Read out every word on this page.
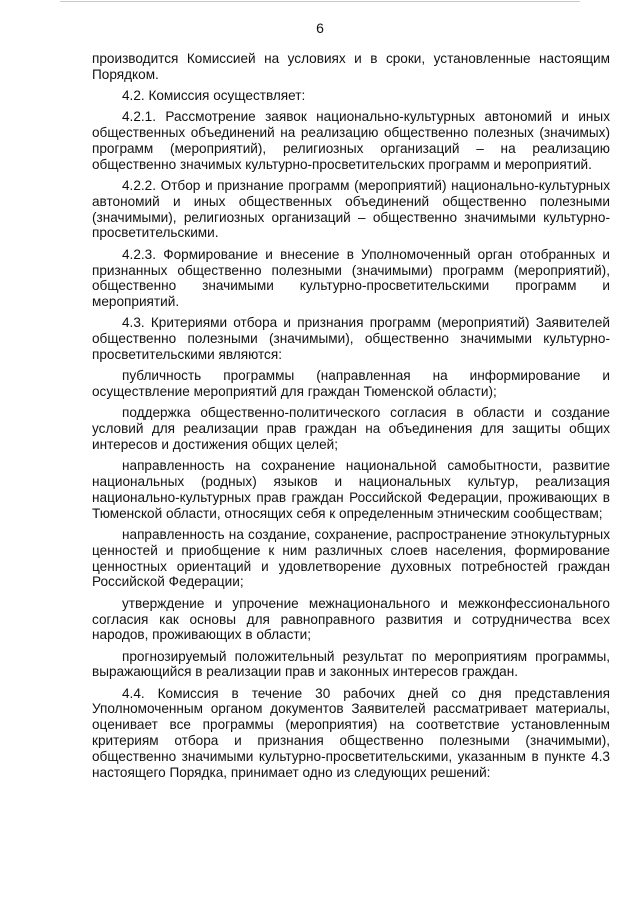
6

производится Комиссией на условиях и в сроки, установленные настоящим Порядком.

4.2. Комиссия осуществляет:

4.2.1. Рассмотрение заявок национально-культурных автономий и иных общественных объединений на реализацию общественно полезных (значимых) программ (мероприятий), религиозных организаций – на реализацию общественно значимых культурно-просветительских программ и мероприятий.

4.2.2. Отбор и признание программ (мероприятий) национально-культурных автономий и иных общественных объединений общественно полезными (значимыми), религиозных организаций – общественно значимыми культурно-просветительскими.

4.2.3. Формирование и внесение в Уполномоченный орган отобранных и признанных общественно полезными (значимыми) программ (мероприятий), общественно значимыми культурно-просветительскими программ и мероприятий.

4.3. Критериями отбора и признания программ (мероприятий) Заявителей общественно полезными (значимыми), общественно значимыми культурно-просветительскими являются:

публичность программы (направленная на информирование и осуществление мероприятий для граждан Тюменской области);

поддержка общественно-политического согласия в области и создание условий для реализации прав граждан на объединения для защиты общих интересов и достижения общих целей;

направленность на сохранение национальной самобытности, развитие национальных (родных) языков и национальных культур, реализация национально-культурных прав граждан Российской Федерации, проживающих в Тюменской области, относящих себя к определенным этническим сообществам;

направленность на создание, сохранение, распространение этнокультурных ценностей и приобщение к ним различных слоев населения, формирование ценностных ориентаций и удовлетворение духовных потребностей граждан Российской Федерации;

утверждение и упрочение межнационального и межконфессионального согласия как основы для равноправного развития и сотрудничества всех народов, проживающих в области;

прогнозируемый положительный результат по мероприятиям программы, выражающийся в реализации прав и законных интересов граждан.

4.4. Комиссия в течение 30 рабочих дней со дня представления Уполномоченным органом документов Заявителей рассматривает материалы, оценивает все программы (мероприятия) на соответствие установленным критериям отбора и признания общественно полезными (значимыми), общественно значимыми культурно-просветительскими, указанным в пункте 4.3 настоящего Порядка, принимает одно из следующих решений:
